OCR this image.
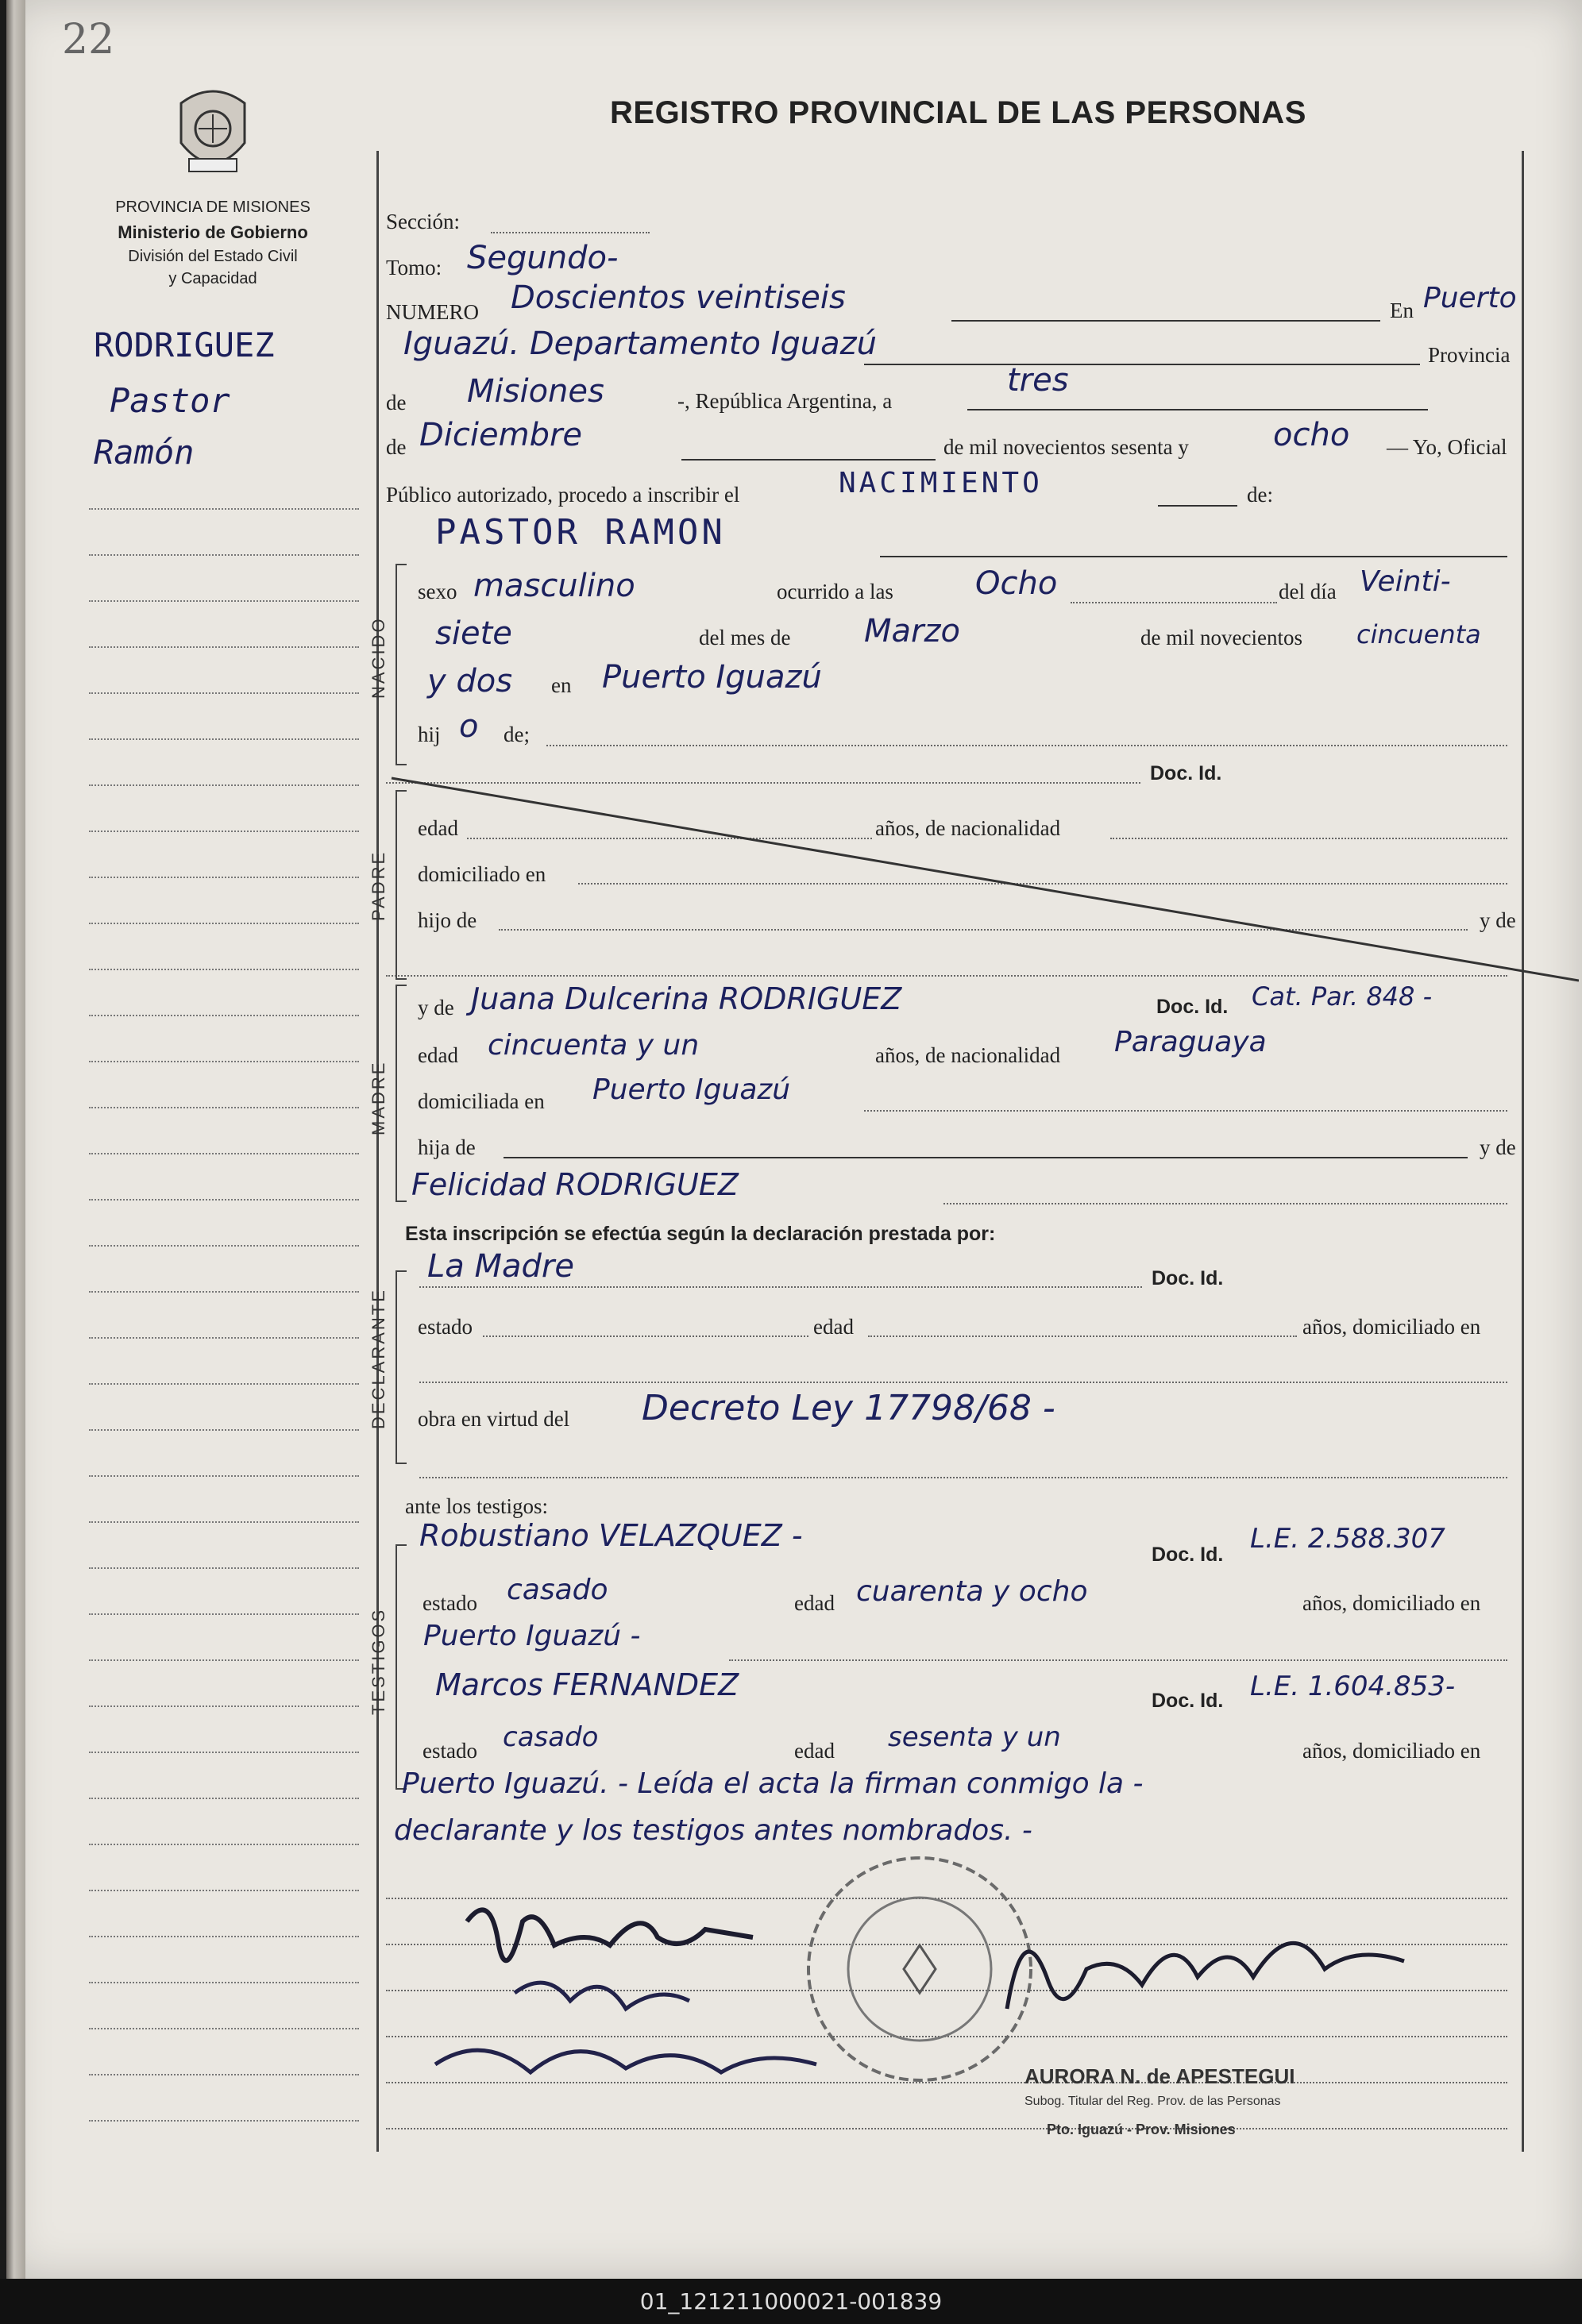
22
PROVINCIA DE MISIONES
Ministerio de Gobierno
División del Estado Civil
y Capacidad
REGISTRO PROVINCIAL DE LAS PERSONAS
RODRIGUEZ
Pastor
Ramón
Sección:
Tomo: Segundo-
NUMERO Doscientos veintiseis	En Puerto
Iguazú. Departamento Iguazú	Provincia
de Misiones	-, República Argentina, a
tres
de Diciembre	de mil novecientos sesenta y	ocho — Yo, Oficial
Público autorizado, procedo a inscribir el	NACIMIENTO	de:
NACIDO
PASTOR RAMON
sexo masculino	ocurrido a las	Ocho	del día Veinti-
siete	del mes de Marzo	de mil novecientos cincuenta
y dos en Puerto Iguazú
hij o de;
Doc. Id.
PADRE
edad	años, de nacionalidad
domiciliado en
hijo de	y de
MADRE
y de Juana Dulcerina RODRIGUEZ	Doc. Id. Cat. Par. 848 -
edad cincuenta y un	años, de nacionalidad Paraguaya
domiciliada en Puerto Iguazú
hija de	y de
Felicidad RODRIGUEZ
Esta inscripción se efectúa según la declaración prestada por:
DECLARANTE
La Madre	Doc. Id.
estado	edad	años, domiciliado en
obra en virtud del Decreto Ley 17798/68 -
ante los testigos:
TESTIGOS
Robustiano VELAZQUEZ -
Doc. Id. L.E. 2.588.307
estado casado	edad cuarenta y ocho	años, domiciliado en
Puerto Iguazú -
Marcos FERNANDEZ	Doc. Id. L.E. 1.604.853-
estado casado	edad sesenta y un	años, domiciliado en
Puerto Iguazú. - Leída el acta la firman conmigo la -
declarante y los testigos antes nombrados. -
AURORA N. de APESTEGUI
Subog. Titular del Reg. Prov. de las Personas
Pto. Iguazú - Prov. Misiones
01_121211000021-001839
